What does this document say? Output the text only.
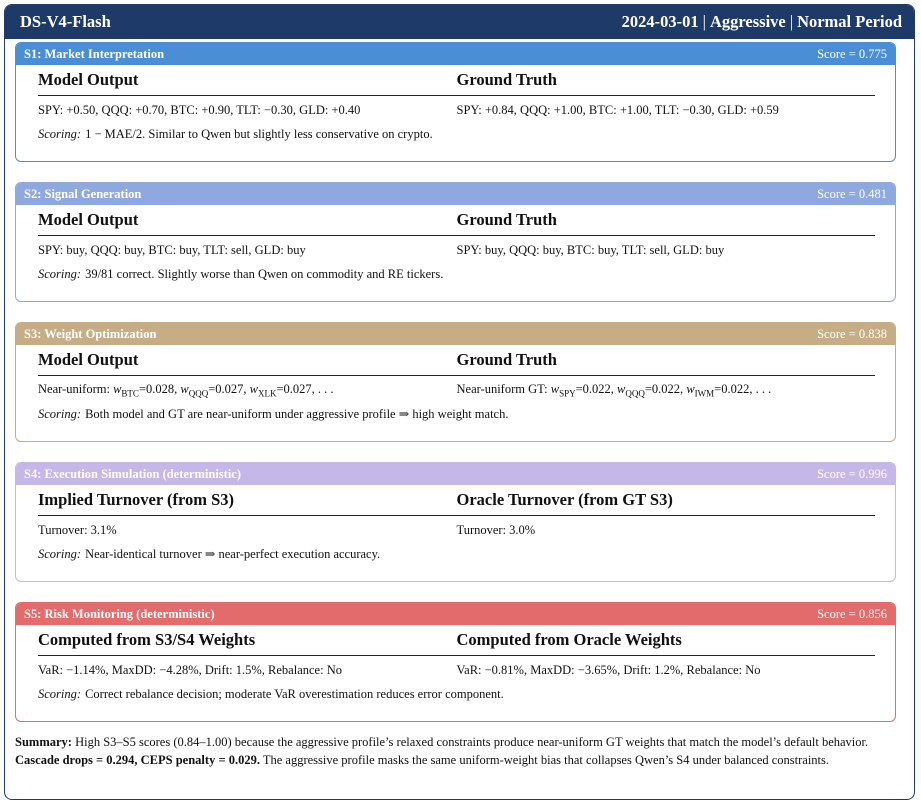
DS-V4-Flash	2024-03-01 | Aggressive | Normal Period
S1: Market Interpretation	Score = 0.775
Model Output	Ground Truth
SPY: +0.50, QQQ: +0.70, BTC: +0.90, TLT: −0.30, GLD: +0.40	SPY: +0.84, QQQ: +1.00, BTC: +1.00, TLT: −0.30, GLD: +0.59
Scoring: 1 − MAE/2. Similar to Qwen but slightly less conservative on crypto.
S2: Signal Generation	Score = 0.481
Model Output	Ground Truth
SPY: buy, QQQ: buy, BTC: buy, TLT: sell, GLD: buy	SPY: buy, QQQ: buy, BTC: buy, TLT: sell, GLD: buy
Scoring: 39/81 correct. Slightly worse than Qwen on commodity and RE tickers.
S3: Weight Optimization	Score = 0.838
Model Output	Ground Truth
Near-uniform: $w_{BTC}=0.028$, $w_{QQQ}=0.027$, $w_{XLK}=0.027$, . . .	Near-uniform GT: $w_{SPY}=0.022$, $w_{QQQ}=0.022$, $w_{IWM}=0.022$, . . .
Scoring: Both model and GT are near-uniform under aggressive profile ⇒ high weight match.
S4: Execution Simulation (deterministic)	Score = 0.996
Implied Turnover (from S3)	Oracle Turnover (from GT S3)
Turnover: 3.1%	Turnover: 3.0%
Scoring: Near-identical turnover ⇒ near-perfect execution accuracy.
S5: Risk Monitoring (deterministic)	Score = 0.856
Computed from S3/S4 Weights	Computed from Oracle Weights
VaR: −1.14%, MaxDD: −4.28%, Drift: 1.5%, Rebalance: No	VaR: −0.81%, MaxDD: −3.65%, Drift: 1.2%, Rebalance: No
Scoring: Correct rebalance decision; moderate VaR overestimation reduces error component.
Summary: High S3–S5 scores (0.84–1.00) because the aggressive profile’s relaxed constraints produce near-uniform GT weights that match the model’s default behavior. Cascade drops = 0.294, CEPS penalty = 0.029. The aggressive profile masks the same uniform-weight bias that collapses Qwen’s S4 under balanced constraints.
